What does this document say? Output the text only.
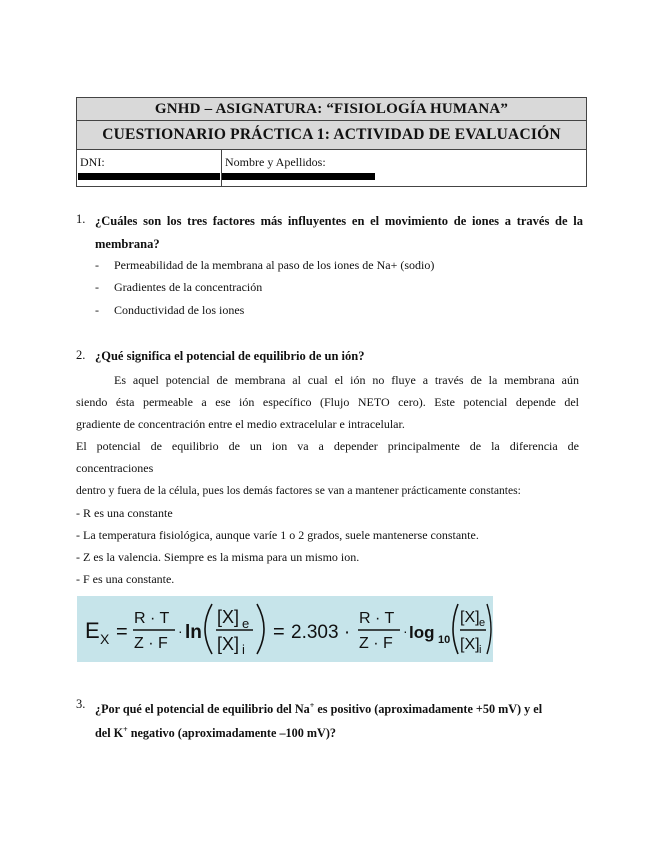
GNHD – ASIGNATURA: “FISIOLOGÍA HUMANA”
CUESTIONARIO PRÁCTICA 1: ACTIVIDAD DE EVALUACIÓN

DNI:	Nombre y Apellidos:
1. ¿Cuáles son los tres factores más influyentes en el movimiento de iones a través de la
membrana?
- Permeabilidad de la membrana al paso de los iones de Na+ (sodio)
- Gradientes de la concentración
- Conductividad de los iones
2. ¿Qué significa el potencial de equilibrio de un ión?
Es aquel potencial de membrana al cual el ión no fluye a través de la membrana aún
siendo ésta permeable a ese ión específico (Flujo NETO cero). Este potencial depende del
gradiente de concentración entre el medio extracelular e intracelular.
El potencial de equilibrio de un ion va a depender principalmente de la diferencia de
concentraciones
dentro y fuera de la célula, pues los demás factores se van a mantener prácticamente constantes:
- R es una constante
- La temperatura fisiológica, aunque varíe 1 o 2 grados, suele mantenerse constante.
- Z es la valencia. Siempre es la misma para un mismo ion.
- F es una constante.
E X =
R · T
Z · F
· ln
[X] e
[X] i
= 2.303 ·
R · T
Z · F
· log 10
[X] e
[X] i
3. ¿Por qué el potencial de equilibrio del Na+ es positivo (aproximadamente +50 mV) y el
del K+ negativo (aproximadamente –100 mV)?
